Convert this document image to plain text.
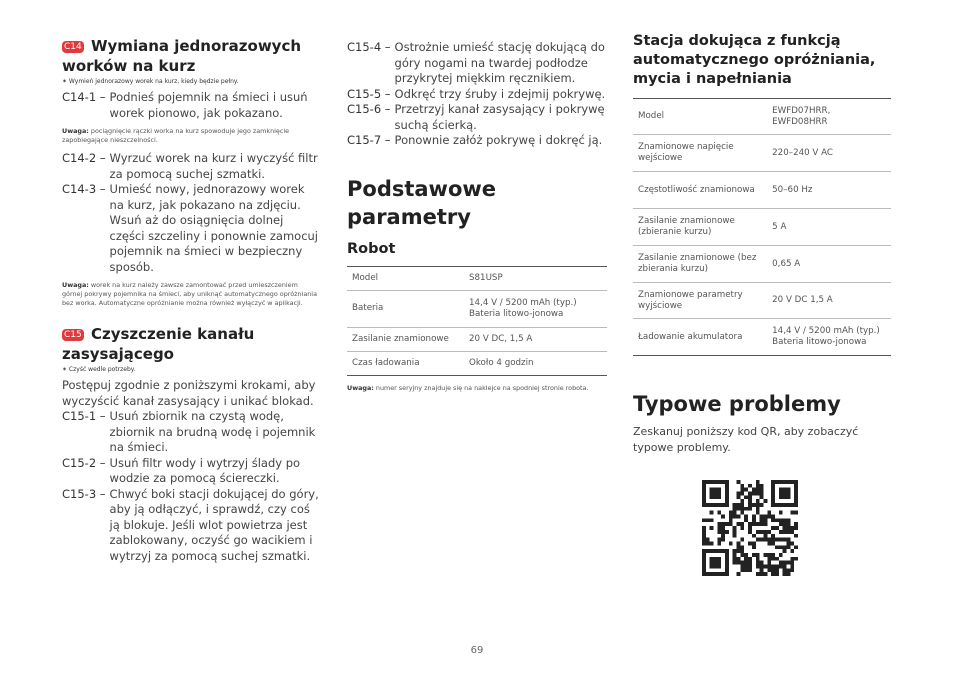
C14 Wymiana jednorazowych worków na kurz
✶ Wymień jednorazowy worek na kurz, kiedy będzie pełny.
C14-1 – Podnieś pojemnik na śmieci i usuń worek pionowo, jak pokazano.
Uwaga: pociągnięcie rączki worka na kurz spowoduje jego zamknięcie zapobiegające nieszczelności.
C14-2 – Wyrzuć worek na kurz i wyczyść filtr za pomocą suchej szmatki.
C14-3 – Umieść nowy, jednorazowy worek na kurz, jak pokazano na zdjęciu. Wsuń aż do osiągnięcia dolnej części szczeliny i ponownie zamocuj pojemnik na śmieci w bezpieczny sposób.
Uwaga: worek na kurz należy zawsze zamontować przed umieszczeniem górnej pokrywy pojemnika na śmieci, aby uniknąć automatycznego opróżniania bez worka. Automatyczne opróżnianie można również wyłączyć w aplikacji.
C15 Czyszczenie kanału zasysającego
✶ Czyść wedle potrzeby.
Postępuj zgodnie z poniższymi krokami, aby wyczyścić kanał zasysający i unikać blokad.
C15-1 – Usuń zbiornik na czystą wodę, zbiornik na brudną wodę i pojemnik na śmieci.
C15-2 – Usuń filtr wody i wytrzyj ślady po wodzie za pomocą ściereczki.
C15-3 – Chwyć boki stacji dokującej do góry, aby ją odłączyć, i sprawdź, czy coś ją blokuje. Jeśli wlot powietrza jest zablokowany, oczyść go wacikiem i wytrzyj za pomocą suchej szmatki.
C15-4 – Ostrożnie umieść stację dokującą do góry nogami na twardej podłodze przykrytej miękkim ręcznikiem.
C15-5 – Odkręć trzy śruby i zdejmij pokrywę.
C15-6 – Przetrzyj kanał zasysający i pokrywę suchą ścierką.
C15-7 – Ponownie załóż pokrywę i dokręć ją.
Podstawowe parametry
Robot
Model	S81USP
Bateria	14,4 V / 5200 mAh (typ.) Bateria litowo-jonowa
Zasilanie znamionowe	20 V DC, 1,5 A
Czas ładowania	Około 4 godzin
Uwaga: numer seryjny znajduje się na naklejce na spodniej stronie robota.
Stacja dokująca z funkcją automatycznego opróżniania, mycia i napełniania
Model	EWFD07HRR, EWFD08HRR
Znamionowe napięcie wejściowe	220–240 V AC
Częstotliwość znamionowa	50–60 Hz
Zasilanie znamionowe (zbieranie kurzu)	5 A
Zasilanie znamionowe (bez zbierania kurzu)	0,65 A
Znamionowe parametry wyjściowe	20 V DC 1,5 A
Ładowanie akumulatora	14,4 V / 5200 mAh (typ.) Bateria litowo-jonowa
Typowe problemy
Zeskanuj poniższy kod QR, aby zobaczyć typowe problemy.
69
